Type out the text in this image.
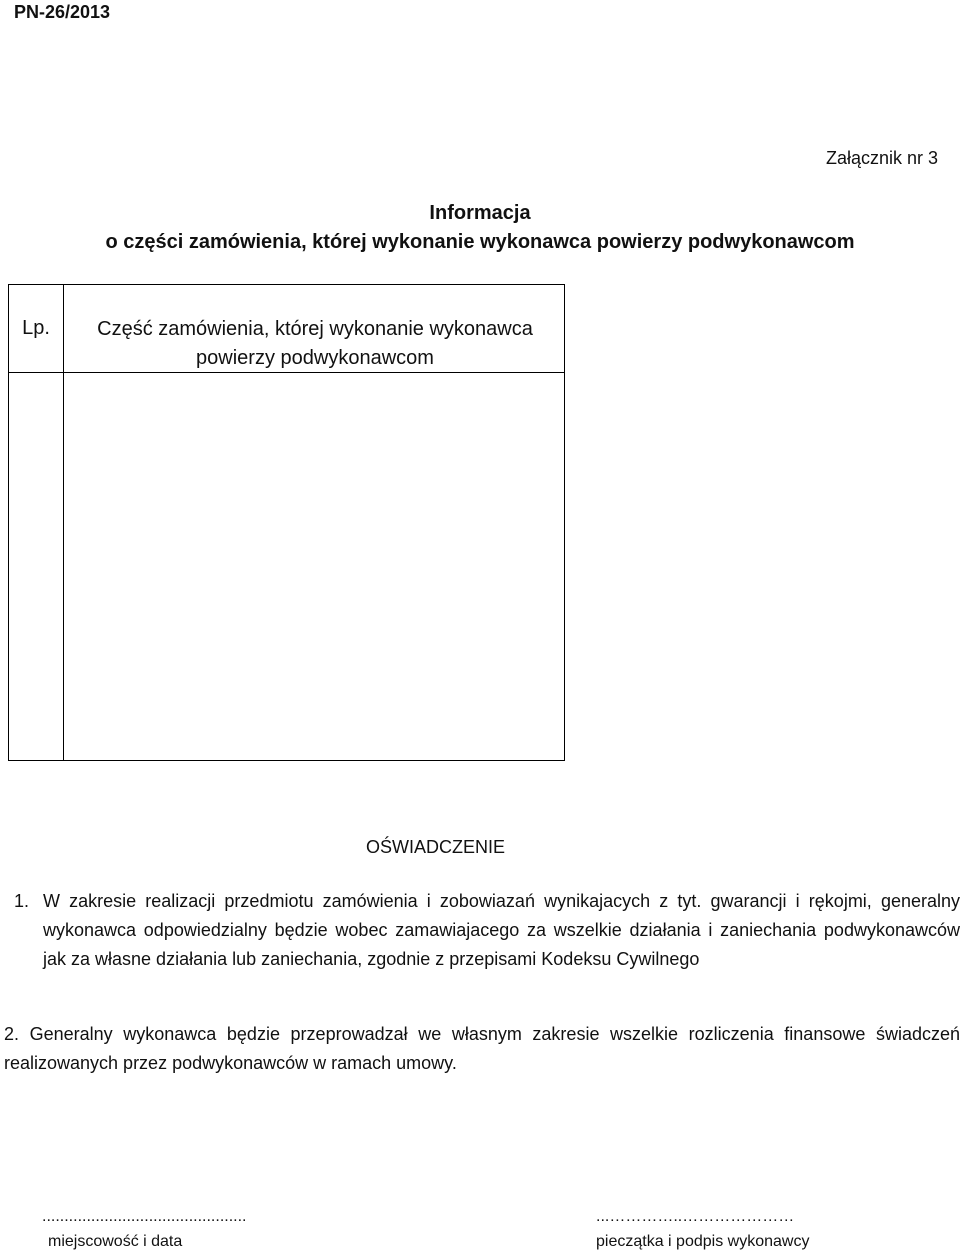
PN-26/2013
Załącznik nr 3
Informacja
o części zamówienia, której wykonanie wykonawca powierzy podwykonawcom
Lp.	Część zamówienia, której wykonanie wykonawca powierzy podwykonawcom
OŚWIADCZENIE
1. W zakresie realizacji przedmiotu zamówienia i zobowiazań wynikajacych z tyt. gwarancji i rękojmi, generalny wykonawca odpowiedzialny będzie wobec zamawiajacego za wszelkie działania i zaniechania podwykonawców jak za własne działania lub zaniechania, zgodnie z przepisami Kodeksu Cywilnego
2. Generalny wykonawca będzie przeprowadzał we własnym zakresie wszelkie rozliczenia finansowe świadczeń realizowanych przez podwykonawców w ramach umowy.
..............................................	...…………..…………………
miejscowość i data	pieczątka i podpis wykonawcy
